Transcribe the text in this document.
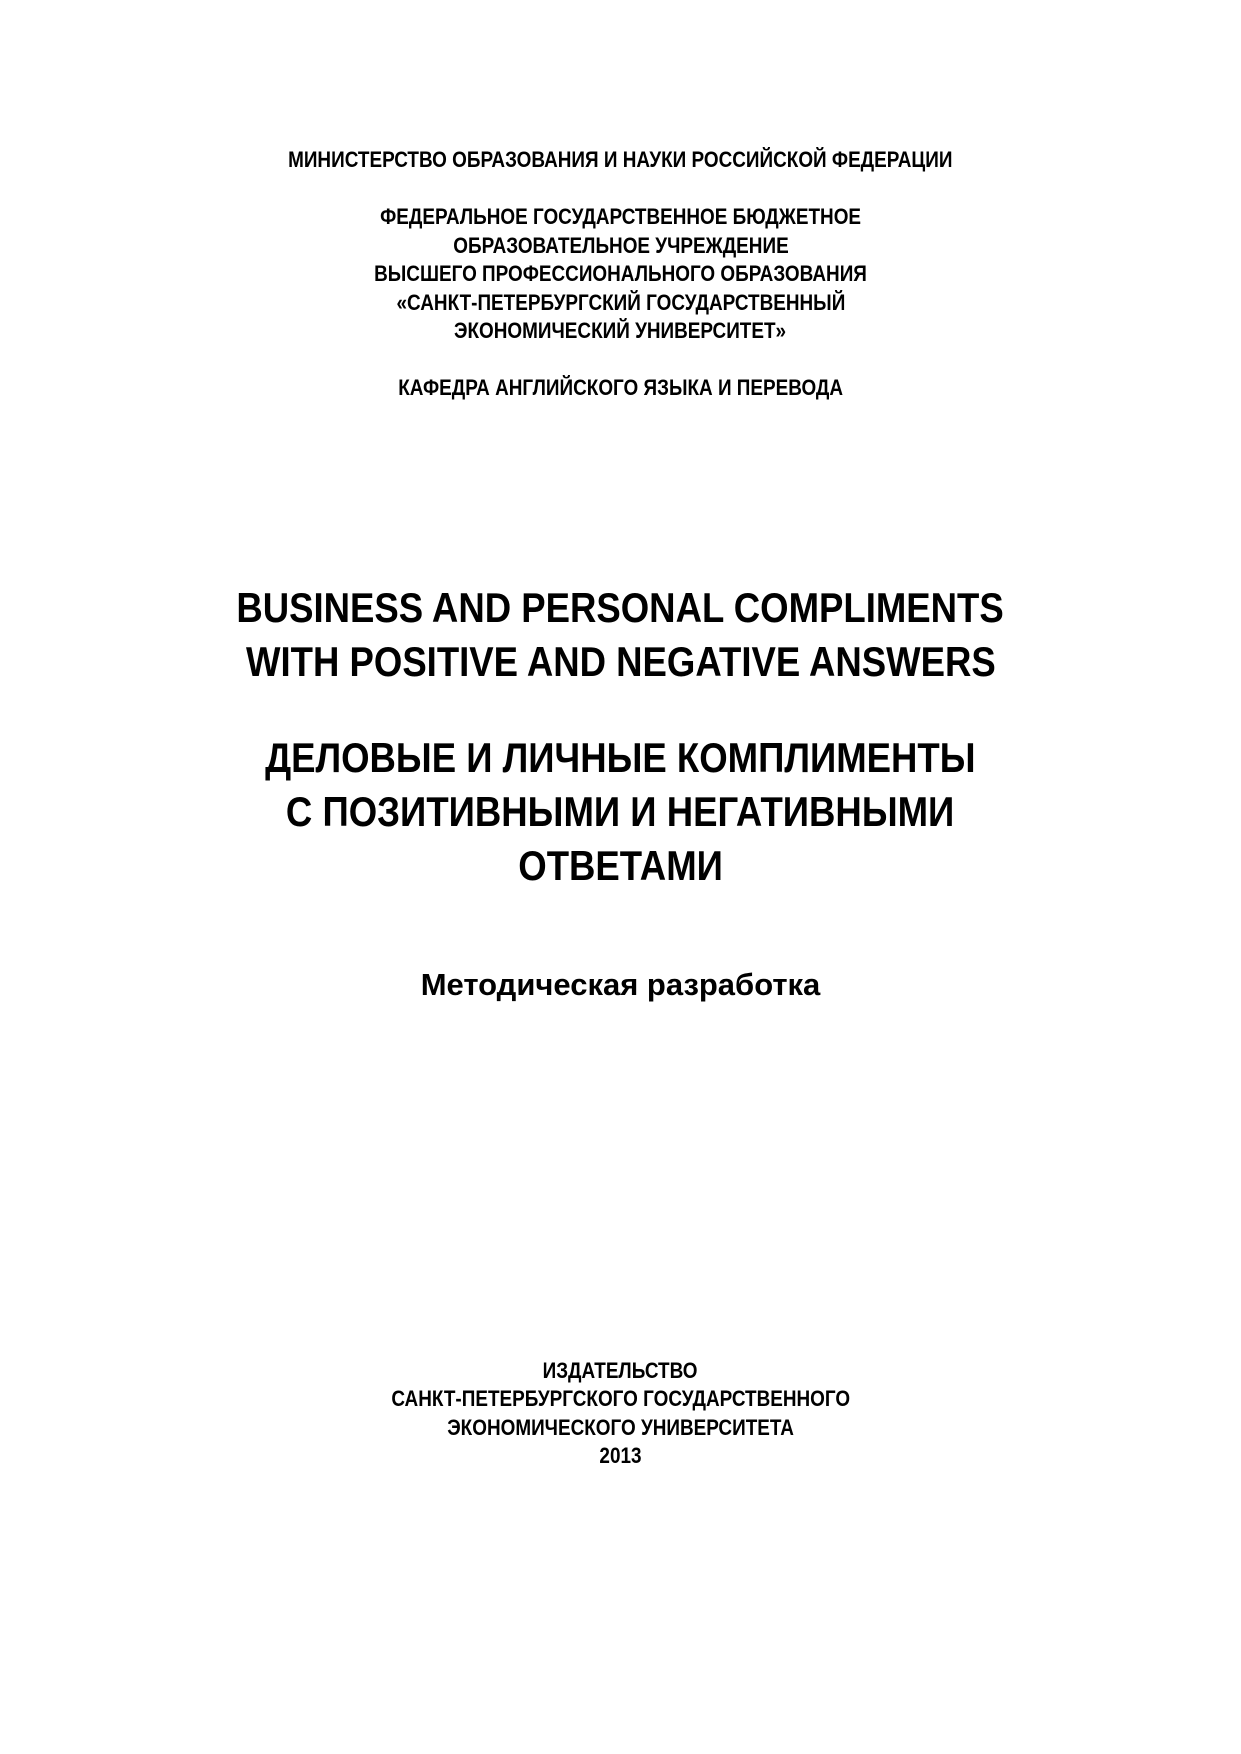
МИНИСТЕРСТВО ОБРАЗОВАНИЯ И НАУКИ РОССИЙСКОЙ ФЕДЕРАЦИИ
ФЕДЕРАЛЬНОЕ ГОСУДАРСТВЕННОЕ БЮДЖЕТНОЕ
ОБРАЗОВАТЕЛЬНОЕ УЧРЕЖДЕНИЕ
ВЫСШЕГО ПРОФЕССИОНАЛЬНОГО ОБРАЗОВАНИЯ
«САНКТ-ПЕТЕРБУРГСКИЙ ГОСУДАРСТВЕННЫЙ
ЭКОНОМИЧЕСКИЙ УНИВЕРСИТЕТ»
КАФЕДРА АНГЛИЙСКОГО ЯЗЫКА И ПЕРЕВОДА
BUSINESS AND PERSONAL COMPLIMENTS
WITH POSITIVE AND NEGATIVE ANSWERS
ДЕЛОВЫЕ И ЛИЧНЫЕ КОМПЛИМЕНТЫ
С ПОЗИТИВНЫМИ И НЕГАТИВНЫМИ
ОТВЕТАМИ
Методическая разработка
ИЗДАТЕЛЬСТВО
САНКТ-ПЕТЕРБУРГСКОГО ГОСУДАРСТВЕННОГО
ЭКОНОМИЧЕСКОГО УНИВЕРСИТЕТА
2013
